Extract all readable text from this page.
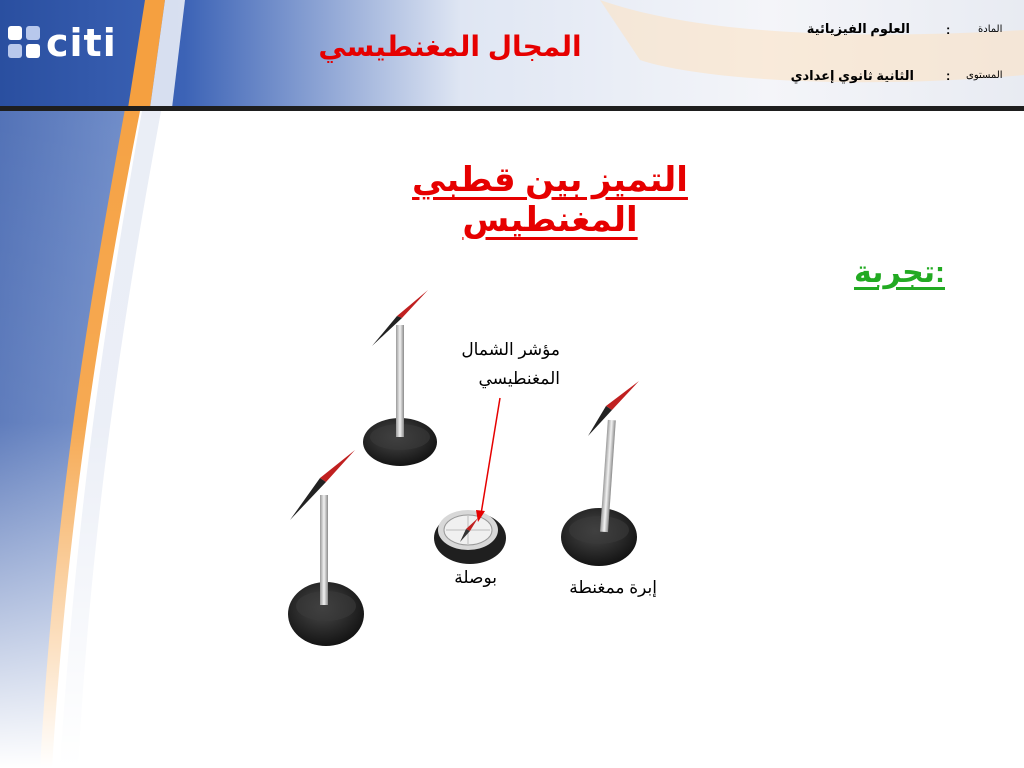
citi	المجال المغنطيسي
المادة
:
العلوم الفيزيائية
المستوى
:
الثانية ثانوي إعدادي
التميز بين قطبي المغنطيس
تجربة:
مؤشر الشمال
المغنطيسي
بوصلة
إبرة ممغنطة
